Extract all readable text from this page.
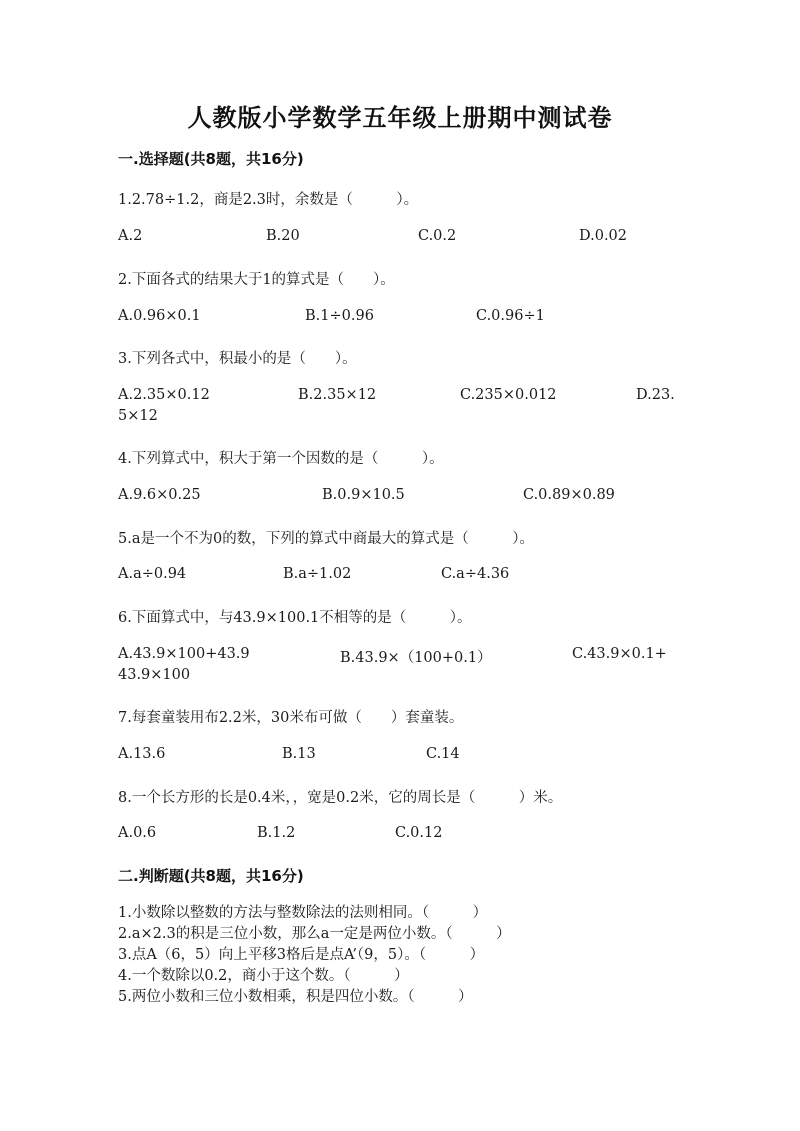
人教版小学数学五年级上册期中测试卷
一.选择题(共8题，共16分)
1.2.78÷1.2，商是2.3时，余数是（　　　）。
A.2	B.20	C.0.2	D.0.02
2.下面各式的结果大于1的算式是（　　）。
A.0.96×0.1	B.1÷0.96	C.0.96÷1
3.下列各式中，积最小的是（　　）。
A.2.35×0.12	B.2.35×12	C.235×0.012	D.23.
5×12
4.下列算式中，积大于第一个因数的是（　　　）。
A.9.6×0.25	B.0.9×10.5	C.0.89×0.89
5.a是一个不为0的数，下列的算式中商最大的算式是（　　　）。
A.a÷0.94	B.a÷1.02	C.a÷4.36
6.下面算式中，与43.9×100.1不相等的是（　　　）。
A.43.9×100+43.9	B.43.9×（100+0.1）	C.43.9×0.1+
43.9×100
7.每套童装用布2.2米，30米布可做（　　）套童装。
A.13.6	B.13	C.14
8.一个长方形的长是0.4米，，宽是0.2米，它的周长是（　　　）米。
A.0.6	B.1.2	C.0.12
二.判断题(共8题，共16分)
1.小数除以整数的方法与整数除法的法则相同。（　　　）
2.a×2.3的积是三位小数，那么a一定是两位小数。（　　　）
3.点A（6，5）向上平移3格后是点A’（9，5）。（　　　）
4.一个数除以0.2，商小于这个数。（　　　）
5.两位小数和三位小数相乘，积是四位小数。（　　　）
